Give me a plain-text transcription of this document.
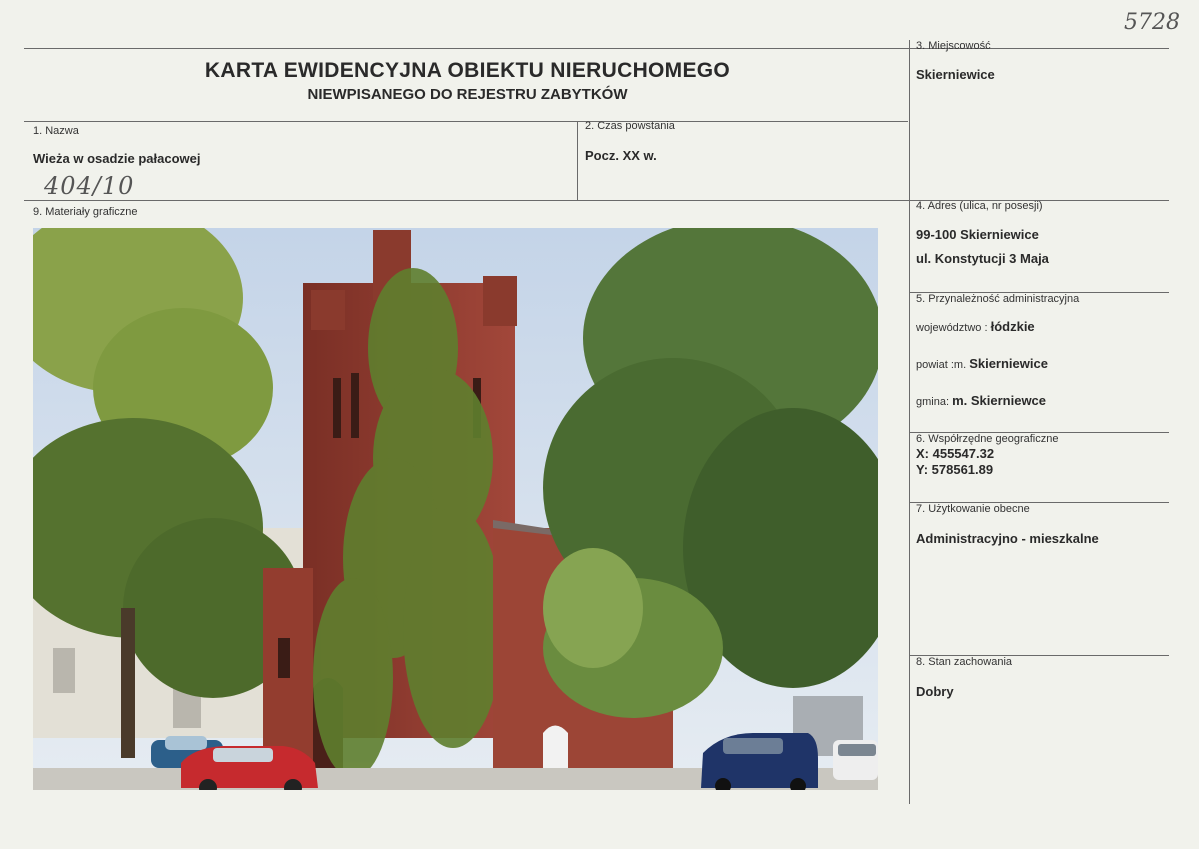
5728
KARTA EWIDENCYJNA OBIEKTU NIERUCHOMEGO
NIEWPISANEGO DO REJESTRU ZABYTKÓW
1. Nazwa
Wieża w osadzie pałacowej
404/10
2. Czas powstania
Pocz. XX w.
3. Miejscowość
Skierniewice
9. Materiały graficzne	4. Adres (ulica, nr posesji)
99-100 Skierniewice
ul. Konstytucji 3 Maja
5. Przynależność administracyjna
województwo : łódzkie
powiat :m. Skierniewice
gmina: m. Skierniewce
6. Współrzędne geograficzne
X: 455547.32
Y: 578561.89
7. Użytkowanie obecne
Administracyjno - mieszkalne
8. Stan zachowania
Dobry
